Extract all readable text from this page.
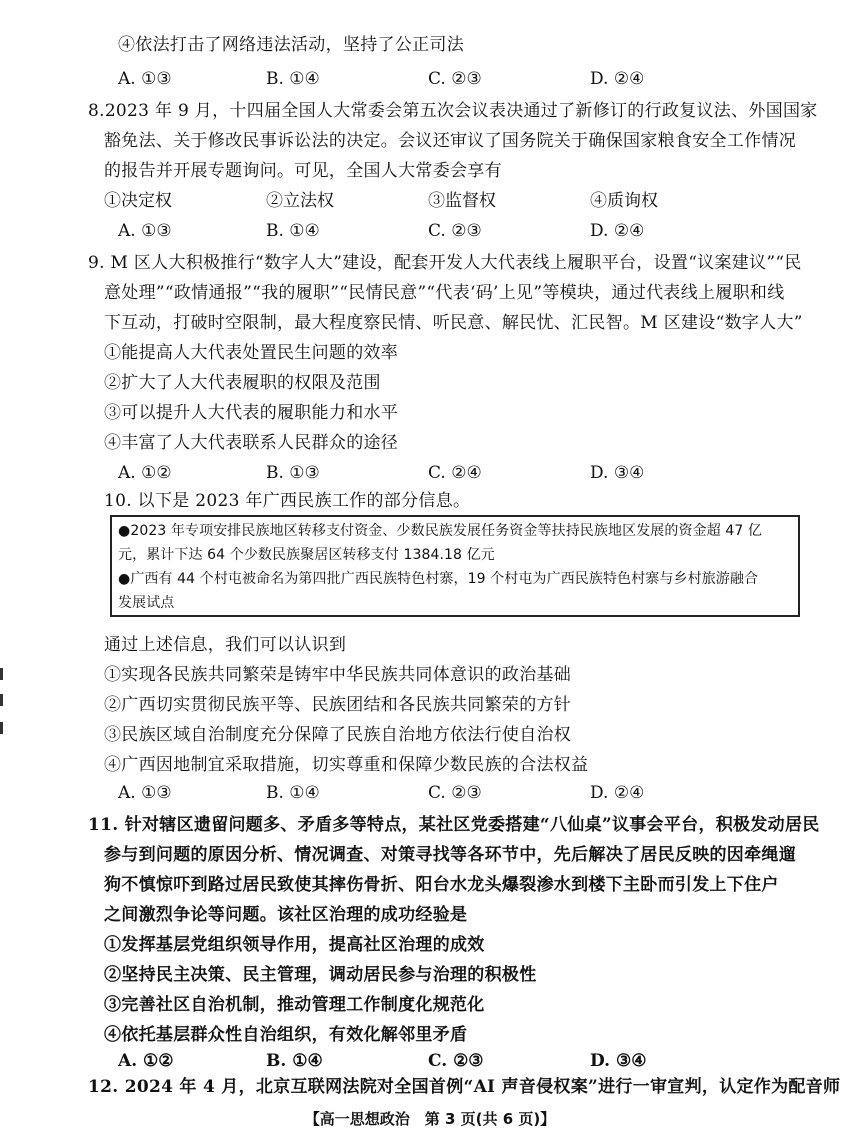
④依法打击了网络违法活动，坚持了公正司法
A. ①③	B. ①④	C. ②③	D. ②④
8.2023 年 9 月，十四届全国人大常委会第五次会议表决通过了新修订的行政复议法、外国国家
豁免法、关于修改民事诉讼法的决定。会议还审议了国务院关于确保国家粮食安全工作情况
的报告并开展专题询问。可见，全国人大常委会享有
①决定权	②立法权	③监督权	④质询权
A. ①③	B. ①④	C. ②③	D. ②④
9. M 区人大积极推行“数字人大”建设，配套开发人大代表线上履职平台，设置“议案建议”“民
意处理”“政情通报”“我的履职”“民情民意”“代表‘码’上见”等模块，通过代表线上履职和线
下互动，打破时空限制，最大程度察民情、听民意、解民忧、汇民智。M 区建设“数字人大”
①能提高人大代表处置民生问题的效率
②扩大了人大代表履职的权限及范围
③可以提升人大代表的履职能力和水平
④丰富了人大代表联系人民群众的途径
A. ①②	B. ①③	C. ②④	D. ③④
10. 以下是 2023 年广西民族工作的部分信息。
●2023 年专项安排民族地区转移支付资金、少数民族发展任务资金等扶持民族地区发展的资金超 47 亿
元，累计下达 64 个少数民族聚居区转移支付 1384.18 亿元
●广西有 44 个村屯被命名为第四批广西民族特色村寨，19 个村屯为广西民族特色村寨与乡村旅游融合
发展试点
通过上述信息，我们可以认识到
①实现各民族共同繁荣是铸牢中华民族共同体意识的政治基础
②广西切实贯彻民族平等、民族团结和各民族共同繁荣的方针
③民族区域自治制度充分保障了民族自治地方依法行使自治权
④广西因地制宜采取措施，切实尊重和保障少数民族的合法权益
A. ①③	B. ①④	C. ②③	D. ②④
11. 针对辖区遗留问题多、矛盾多等特点，某社区党委搭建“八仙桌”议事会平台，积极发动居民
参与到问题的原因分析、情况调查、对策寻找等各环节中，先后解决了居民反映的因牵绳遛
狗不慎惊吓到路过居民致使其摔伤骨折、阳台水龙头爆裂渗水到楼下主卧而引发上下住户
之间激烈争论等问题。该社区治理的成功经验是
①发挥基层党组织领导作用，提高社区治理的成效
②坚持民主决策、民主管理，调动居民参与治理的积极性
③完善社区自治机制，推动管理工作制度化规范化
④依托基层群众性自治组织，有效化解邻里矛盾
A. ①②	B. ①④	C. ②③	D. ③④
12. 2024 年 4 月，北京互联网法院对全国首例“AI 声音侵权案”进行一审宣判，认定作为配音师
【高一思想政治　第 3 页(共 6 页)】
